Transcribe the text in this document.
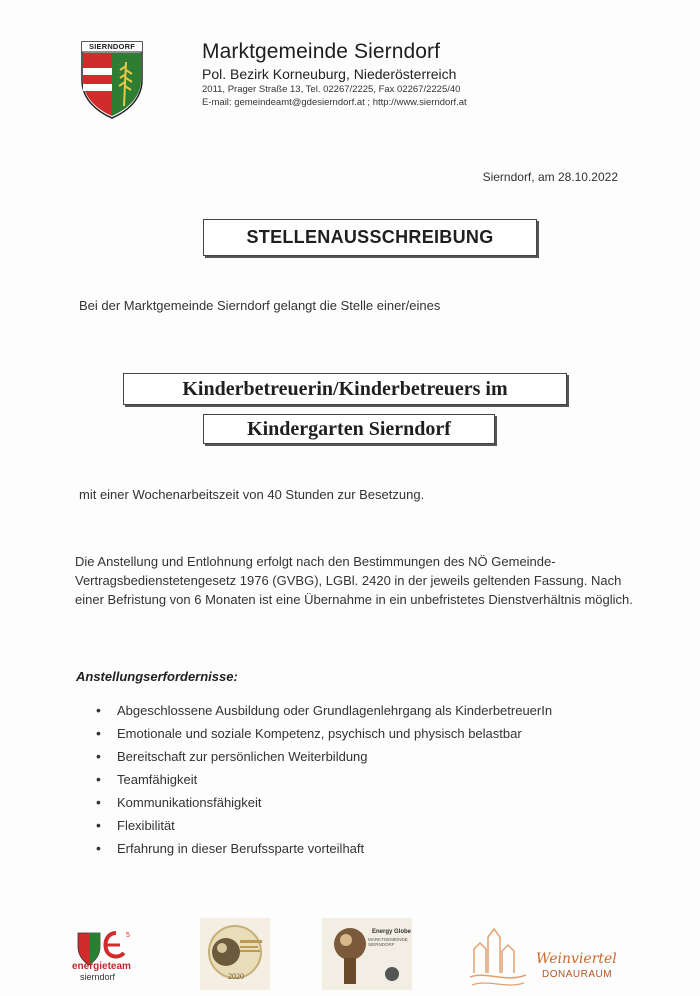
SIERNDORF	Marktgemeinde Sierndorf
Pol. Bezirk Korneuburg, Niederösterreich
2011, Prager Straße 13, Tel. 02267/2225, Fax 02267/2225/40
E-mail: gemeindeamt@gdesierndorf.at ; http://www.sierndorf.at
Sierndorf, am 28.10.2022
STELLENAUSSCHREIBUNG
Bei der Marktgemeinde Sierndorf gelangt die Stelle einer/eines
Kinderbetreuerin/Kinderbetreuers im
Kindergarten Sierndorf
mit einer Wochenarbeitszeit von 40 Stunden zur Besetzung.
Die Anstellung und Entlohnung erfolgt nach den Bestimmungen des NÖ Gemeinde-Vertragsbedienstetengesetz 1976 (GVBG), LGBl. 2420 in der jeweils geltenden Fassung. Nach einer Befristung von 6 Monaten ist eine Übernahme in ein unbefristetes Dienstverhältnis möglich.
Anstellungserfordernisse:
• Abgeschlossene Ausbildung oder Grundlagenlehrgang als KinderbetreuerIn
• Emotionale und soziale Kompetenz, psychisch und physisch belastbar
• Bereitschaft zur persönlichen Weiterbildung
• Teamfähigkeit
• Kommunikationsfähigkeit
• Flexibilität
• Erfahrung in dieser Berufssparte vorteilhaft
5
energieteam
sierndorf	2020
Energy Globe
MARKTGEMEINDE SIERNDORF
Weinviertel
DONAURAUM
